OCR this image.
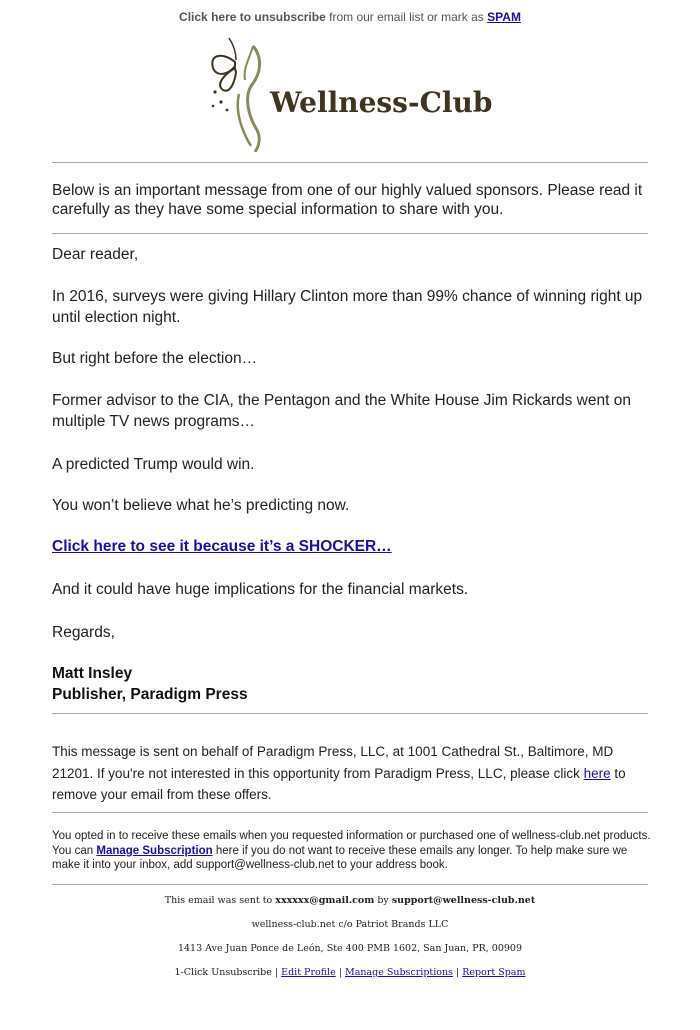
Click here to unsubscribe from our email list or mark as SPAM
Wellness-Club
Below is an important message from one of our highly valued sponsors. Please read it carefully as they have some special information to share with you.
Dear reader,
In 2016, surveys were giving Hillary Clinton more than 99% chance of winning right up until election night.
But right before the election…
Former advisor to the CIA, the Pentagon and the White House Jim Rickards went on multiple TV news programs…
A predicted Trump would win.
You won’t believe what he’s predicting now.
Click here to see it because it’s a SHOCKER…
And it could have huge implications for the financial markets.
Regards,
Matt Insley
Publisher, Paradigm Press
This message is sent on behalf of Paradigm Press, LLC, at 1001 Cathedral St., Baltimore, MD 21201. If you're not interested in this opportunity from Paradigm Press, LLC, please click here to remove your email from these offers.
You opted in to receive these emails when you requested information or purchased one of wellness-club.net products. You can Manage Subscription here if you do not want to receive these emails any longer. To help make sure we make it into your inbox, add support@wellness-club.net to your address book.
This email was sent to xxxxxx@gmail.com by support@wellness-club.net
wellness-club.net c/o Patriot Brands LLC
1413 Ave Juan Ponce de León, Ste 400 PMB 1602, San Juan, PR, 00909
1-Click Unsubscribe | Edit Profile | Manage Subscriptions | Report Spam
